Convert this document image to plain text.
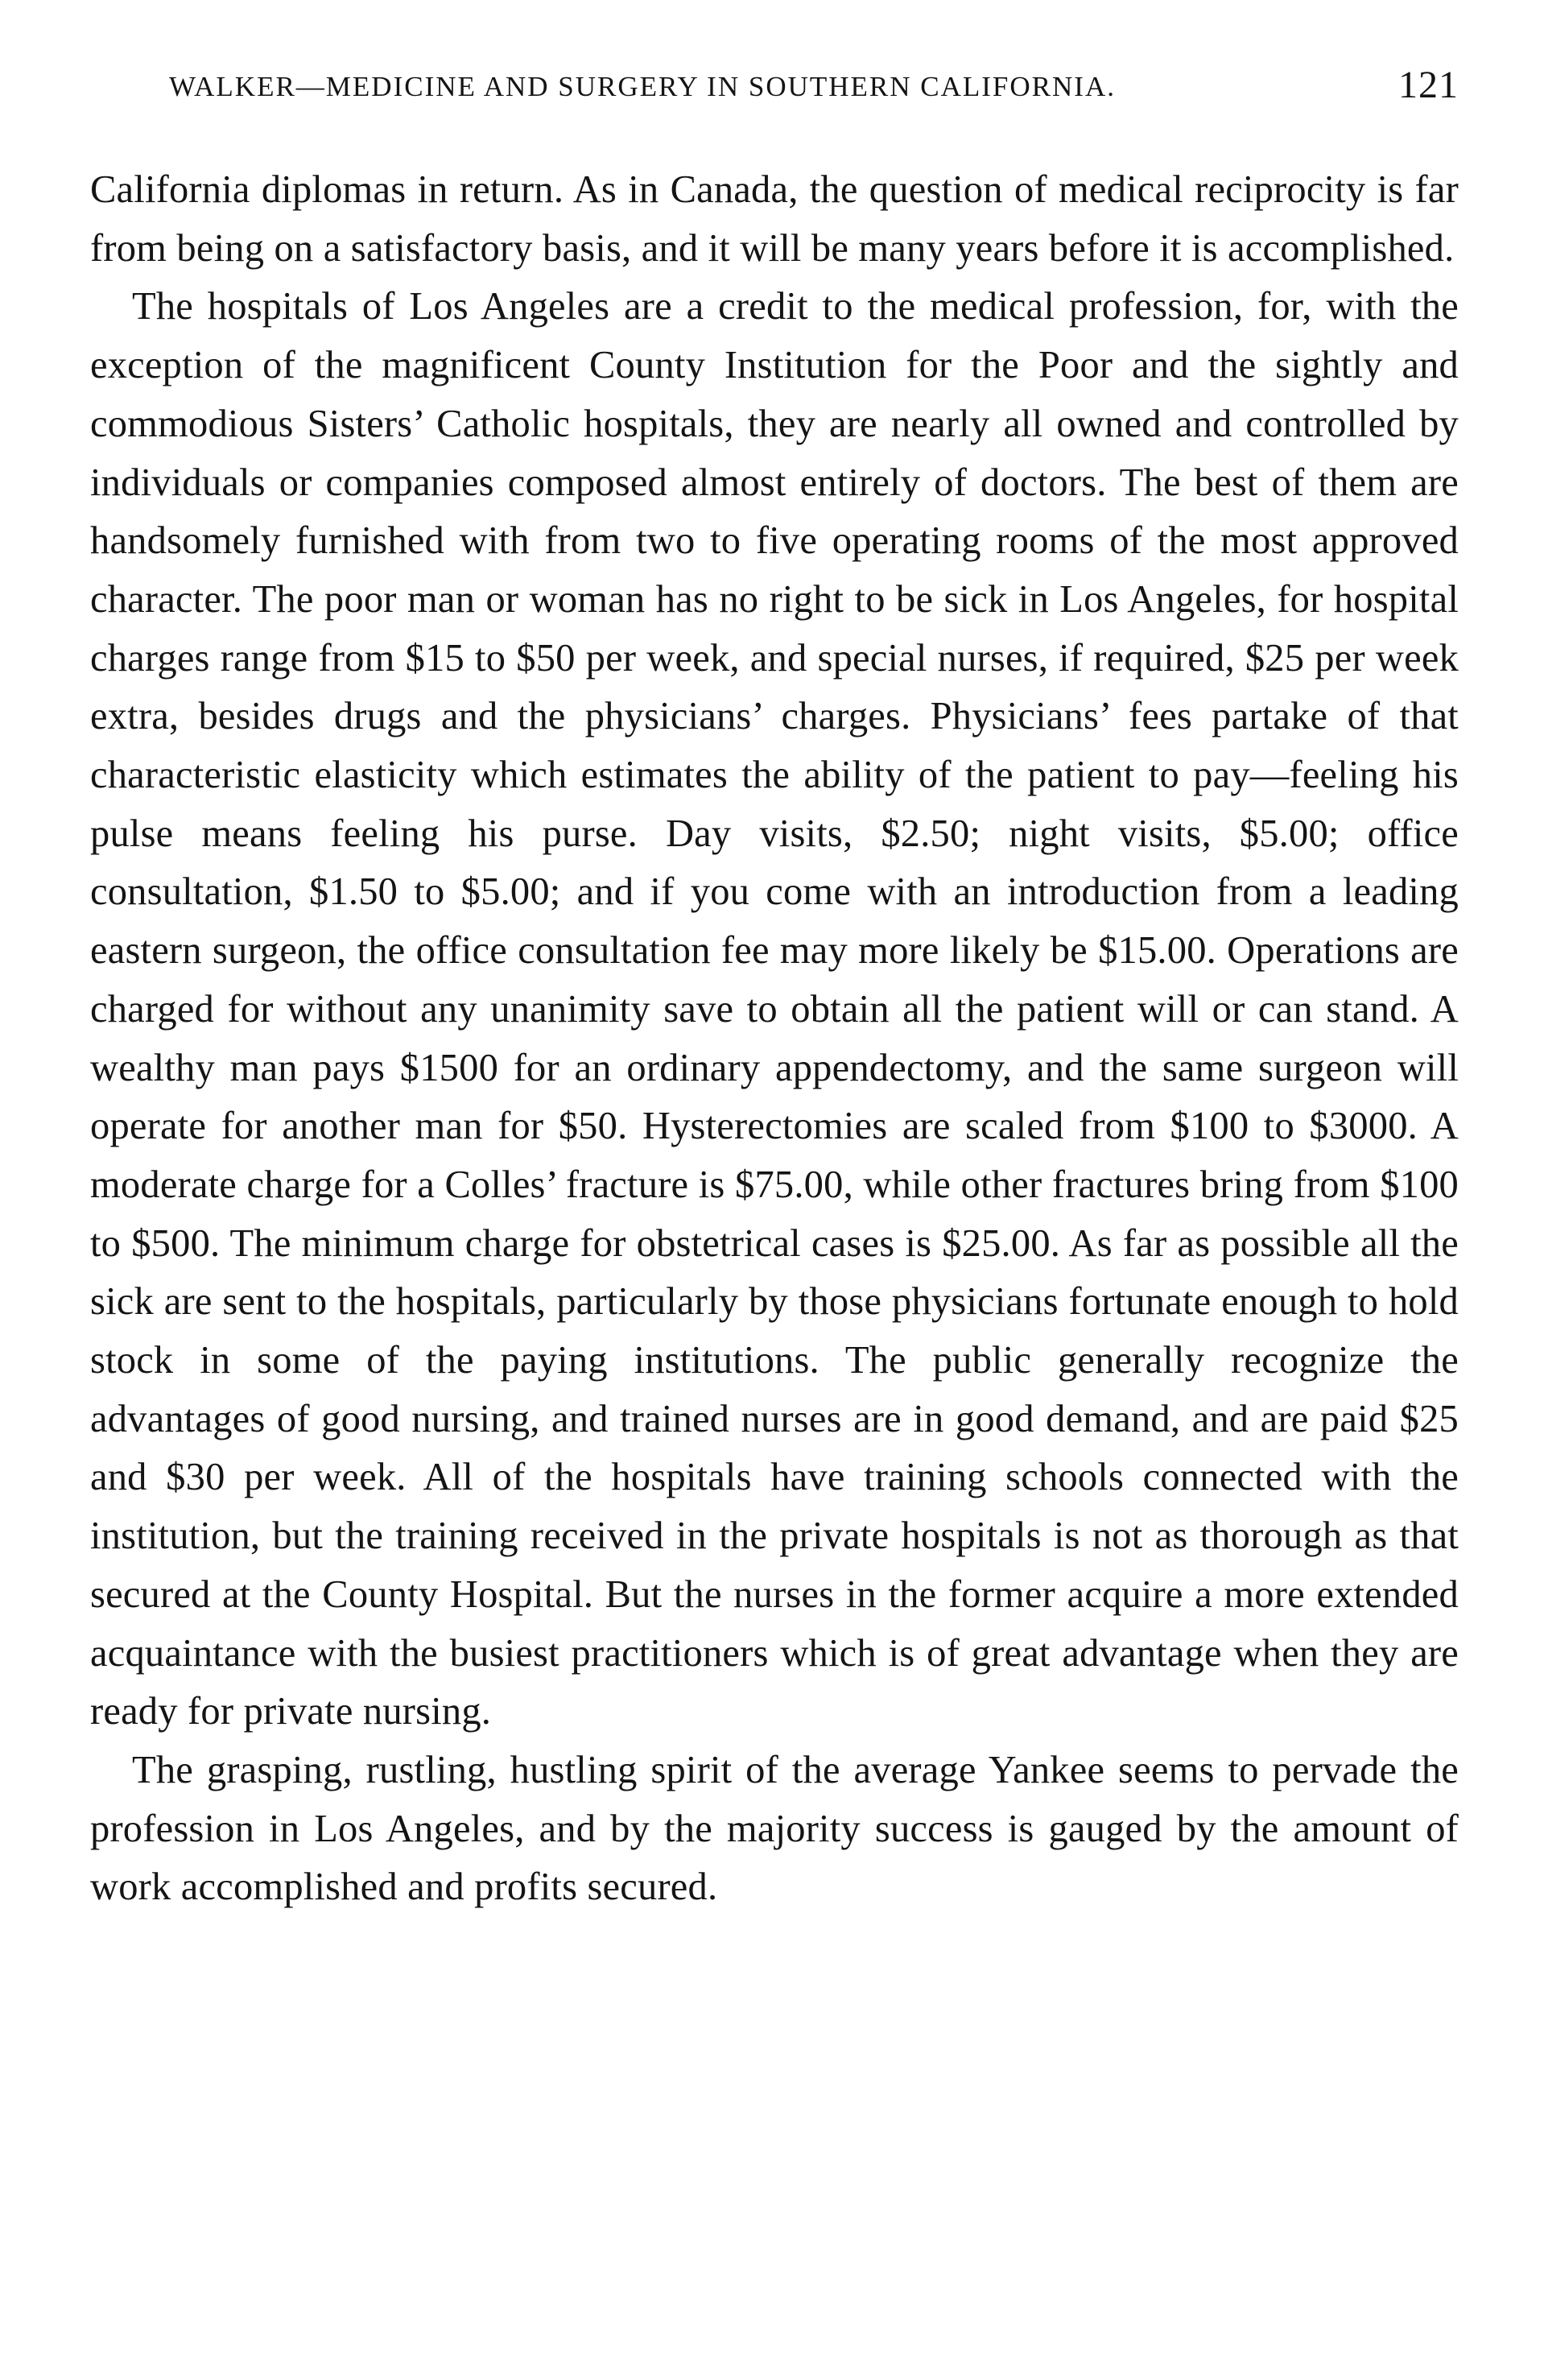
WALKER—MEDICINE AND SURGERY IN SOUTHERN CALIFORNIA.	121

California diplomas in return. As in Canada, the question of medical reciprocity is far from being on a satisfactory basis, and it will be many years before it is accomplished.

The hospitals of Los Angeles are a credit to the medical profession, for, with the exception of the magnificent County Institution for the Poor and the sightly and commodious Sisters’ Catholic hospitals, they are nearly all owned and controlled by individuals or companies composed almost entirely of doctors. The best of them are handsomely furnished with from two to five operating rooms of the most approved character. The poor man or woman has no right to be sick in Los Angeles, for hospital charges range from $15 to $50 per week, and special nurses, if required, $25 per week extra, besides drugs and the physicians’ charges. Physicians’ fees partake of that characteristic elasticity which estimates the ability of the patient to pay—feeling his pulse means feeling his purse. Day visits, $2.50; night visits, $5.00; office consultation, $1.50 to $5.00; and if you come with an introduction from a leading eastern surgeon, the office consultation fee may more likely be $15.00. Operations are charged for without any unanimity save to obtain all the patient will or can stand. A wealthy man pays $1500 for an ordinary appendectomy, and the same surgeon will operate for another man for $50. Hysterectomies are scaled from $100 to $3000. A moderate charge for a Colles’ fracture is $75.00, while other fractures bring from $100 to $500. The minimum charge for obstetrical cases is $25.00. As far as possible all the sick are sent to the hospitals, particularly by those physicians fortunate enough to hold stock in some of the paying institutions. The public generally recognize the advantages of good nursing, and trained nurses are in good demand, and are paid $25 and $30 per week. All of the hospitals have training schools connected with the institution, but the training received in the private hospitals is not as thorough as that secured at the County Hospital. But the nurses in the former acquire a more extended acquaintance with the busiest practitioners which is of great advantage when they are ready for private nursing.

The grasping, rustling, hustling spirit of the average Yankee seems to pervade the profession in Los Angeles, and by the majority success is gauged by the amount of work accomplished and profits secured.
